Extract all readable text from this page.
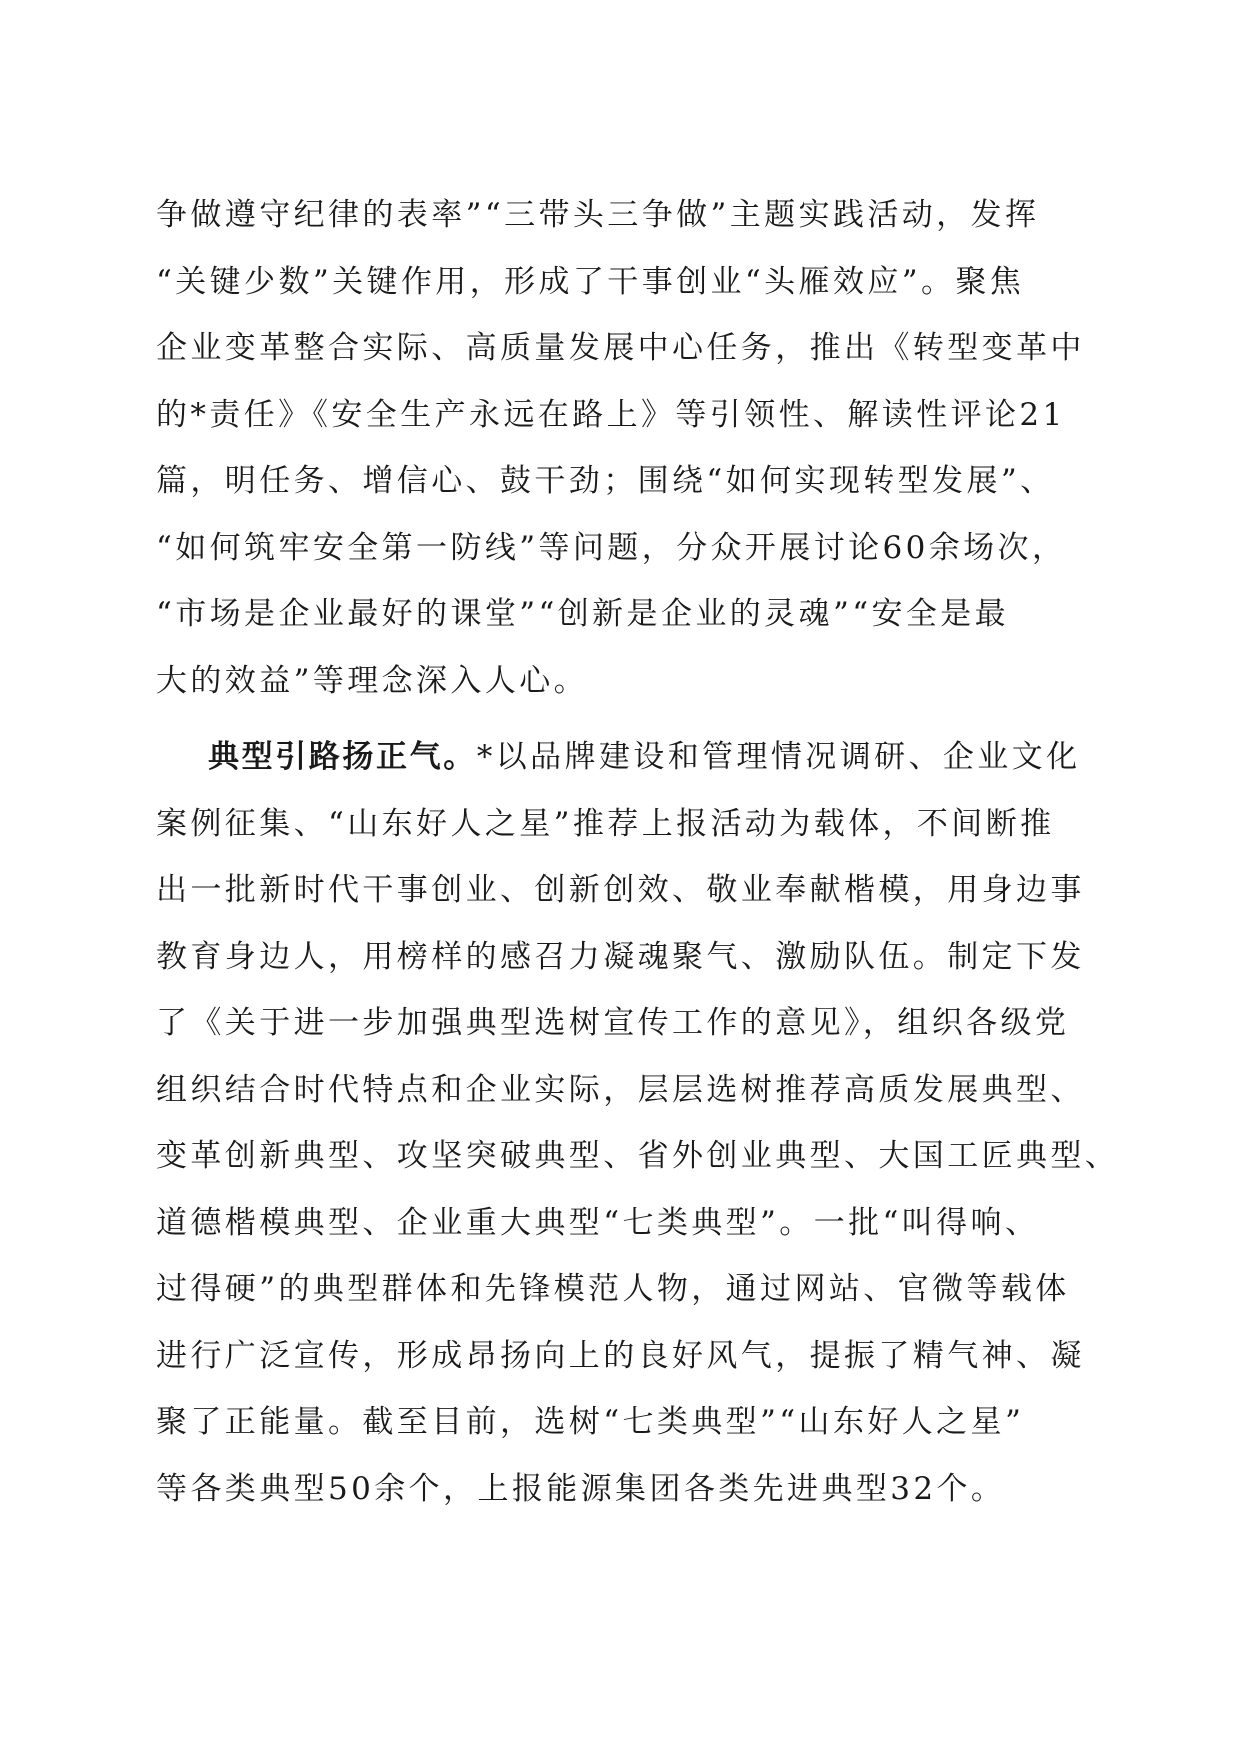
争做遵守纪律的表率”“三带头三争做”主题实践活动，发挥
“关键少数”关键作用，形成了干事创业“头雁效应”。聚焦
企业变革整合实际、高质量发展中心任务，推出《转型变革中
的*责任》《安全生产永远在路上》等引领性、解读性评论21
篇，明任务、增信心、鼓干劲；围绕“如何实现转型发展”、
“如何筑牢安全第一防线”等问题，分众开展讨论60余场次，
“市场是企业最好的课堂”“创新是企业的灵魂”“安全是最
大的效益”等理念深入人心。
典型引路扬正气。*以品牌建设和管理情况调研、企业文化
案例征集、“山东好人之星”推荐上报活动为载体，不间断推
出一批新时代干事创业、创新创效、敬业奉献楷模，用身边事
教育身边人，用榜样的感召力凝魂聚气、激励队伍。制定下发
了《关于进一步加强典型选树宣传工作的意见》，组织各级党
组织结合时代特点和企业实际，层层选树推荐高质发展典型、
变革创新典型、攻坚突破典型、省外创业典型、大国工匠典型、
道德楷模典型、企业重大典型“七类典型”。一批“叫得响、
过得硬”的典型群体和先锋模范人物，通过网站、官微等载体
进行广泛宣传，形成昂扬向上的良好风气，提振了精气神、凝
聚了正能量。截至目前，选树“七类典型”“山东好人之星”
等各类典型50余个，上报能源集团各类先进典型32个。
